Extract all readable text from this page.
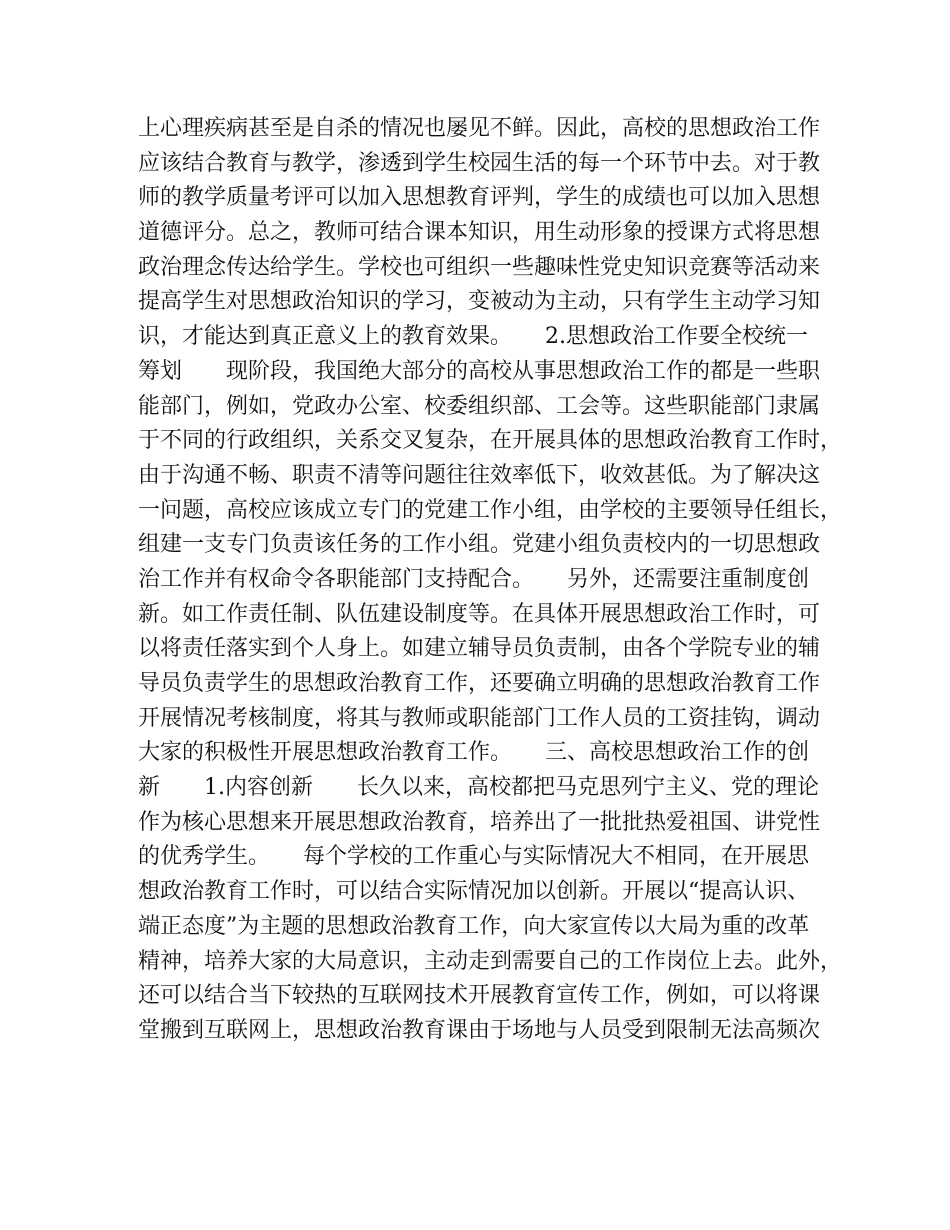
上心理疾病甚至是自杀的情况也屡见不鲜。因此，高校的思想政治工作
应该结合教育与教学，渗透到学生校园生活的每一个环节中去。对于教
师的教学质量考评可以加入思想教育评判，学生的成绩也可以加入思想
道德评分。总之，教师可结合课本知识，用生动形象的授课方式将思想
政治理念传达给学生。学校也可组织一些趣味性党史知识竞赛等活动来
提高学生对思想政治知识的学习，变被动为主动，只有学生主动学习知
识，才能达到真正意义上的教育效果。　　2.思想政治工作要全校统一
筹划　　现阶段，我国绝大部分的高校从事思想政治工作的都是一些职
能部门，例如，党政办公室、校委组织部、工会等。这些职能部门隶属
于不同的行政组织，关系交叉复杂，在开展具体的思想政治教育工作时，
由于沟通不畅、职责不清等问题往往效率低下，收效甚低。为了解决这
一问题，高校应该成立专门的党建工作小组，由学校的主要领导任组长，
组建一支专门负责该任务的工作小组。党建小组负责校内的一切思想政
治工作并有权命令各职能部门支持配合。　　另外，还需要注重制度创
新。如工作责任制、队伍建设制度等。在具体开展思想政治工作时，可
以将责任落实到个人身上。如建立辅导员负责制，由各个学院专业的辅
导员负责学生的思想政治教育工作，还要确立明确的思想政治教育工作
开展情况考核制度，将其与教师或职能部门工作人员的工资挂钩，调动
大家的积极性开展思想政治教育工作。　　三、高校思想政治工作的创
新　　1.内容创新　　长久以来，高校都把马克思列宁主义、党的理论
作为核心思想来开展思想政治教育，培养出了一批批热爱祖国、讲党性
的优秀学生。　　每个学校的工作重心与实际情况大不相同，在开展思
想政治教育工作时，可以结合实际情况加以创新。开展以“提高认识、
端正态度”为主题的思想政治教育工作，向大家宣传以大局为重的改革
精神，培养大家的大局意识，主动走到需要自己的工作岗位上去。此外，
还可以结合当下较热的互联网技术开展教育宣传工作，例如，可以将课
堂搬到互联网上，思想政治教育课由于场地与人员受到限制无法高频次
